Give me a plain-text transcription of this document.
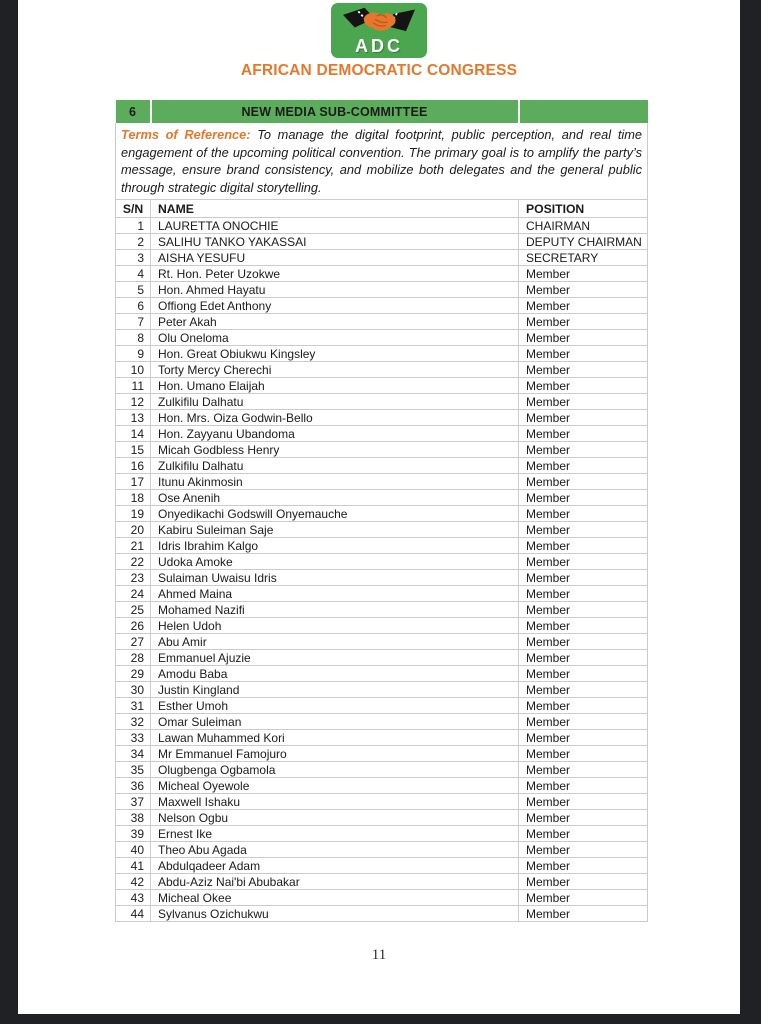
ADC
AFRICAN DEMOCRATIC CONGRESS
6	NEW MEDIA SUB-COMMITTEE	
Terms of Reference: To manage the digital footprint, public perception, and real time engagement of the upcoming political convention. The primary goal is to amplify the party’s message, ensure brand consistency, and mobilize both delegates and the general public through strategic digital storytelling.		
S/N	NAME	POSITION
1	LAURETTA ONOCHIE	CHAIRMAN
2	SALIHU TANKO YAKASSAI	DEPUTY CHAIRMAN
3	AISHA YESUFU	SECRETARY
4	Rt. Hon. Peter Uzokwe	Member
5	Hon. Ahmed Hayatu	Member
6	Offiong Edet Anthony	Member
7	Peter Akah	Member
8	Olu Oneloma	Member
9	Hon. Great Obiukwu Kingsley	Member
10	Torty Mercy Cherechi	Member
11	Hon. Umano Elaijah	Member
12	Zulkifilu Dalhatu	Member
13	Hon. Mrs. Oiza Godwin-Bello	Member
14	Hon. Zayyanu Ubandoma	Member
15	Micah Godbless Henry	Member
16	Zulkifilu Dalhatu	Member
17	Itunu Akinmosin	Member
18	Ose Anenih	Member
19	Onyedikachi Godswill Onyemauche	Member
20	Kabiru Suleiman Saje	Member
21	Idris Ibrahim Kalgo	Member
22	Udoka Amoke	Member
23	Sulaiman Uwaisu Idris	Member
24	Ahmed Maina	Member
25	Mohamed Nazifi	Member
26	Helen Udoh	Member
27	Abu Amir	Member
28	Emmanuel Ajuzie	Member
29	Amodu Baba	Member
30	Justin Kingland	Member
31	Esther Umoh	Member
32	Omar Suleiman	Member
33	Lawan Muhammed Kori	Member
34	Mr Emmanuel Famojuro	Member
35	Olugbenga Ogbamola	Member
36	Micheal Oyewole	Member
37	Maxwell Ishaku	Member
38	Nelson Ogbu	Member
39	Ernest Ike	Member
40	Theo Abu Agada	Member
41	Abdulqadeer Adam	Member
42	Abdu-Aziz Nai'bi Abubakar	Member
43	Micheal Okee	Member
44	Sylvanus Ozichukwu	Member
11
